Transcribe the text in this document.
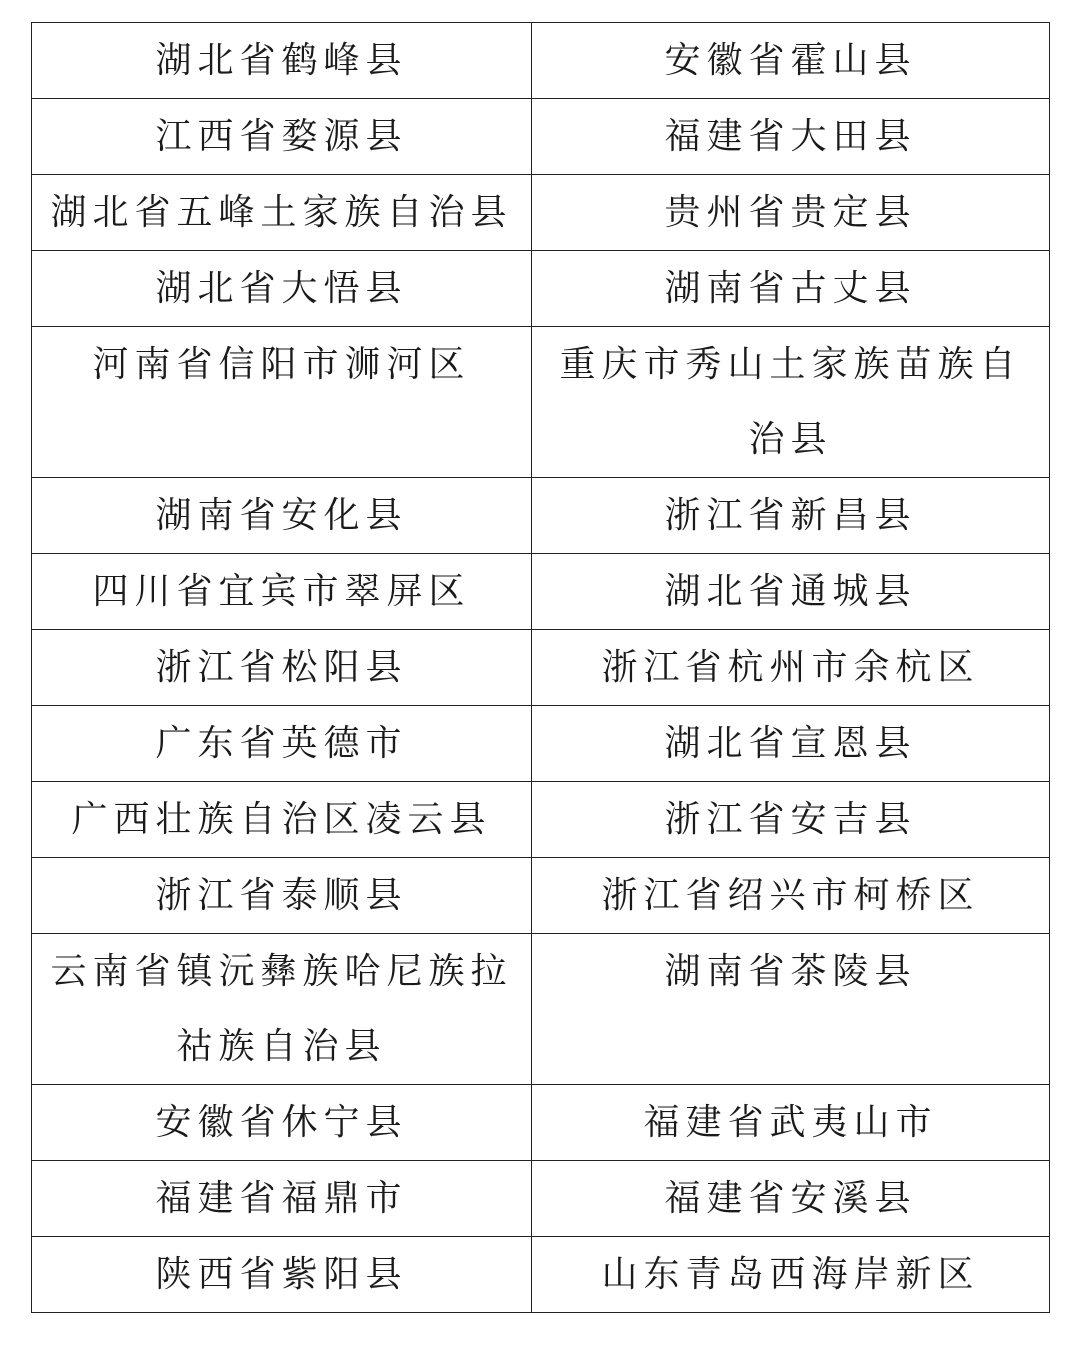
湖北省鹤峰县	安徽省霍山县
江西省婺源县	福建省大田县
湖北省五峰土家族自治县	贵州省贵定县
湖北省大悟县	湖南省古丈县
河南省信阳市浉河区	重庆市秀山土家族苗族自治县
湖南省安化县	浙江省新昌县
四川省宜宾市翠屏区	湖北省通城县
浙江省松阳县	浙江省杭州市余杭区
广东省英德市	湖北省宣恩县
广西壮族自治区凌云县	浙江省安吉县
浙江省泰顺县	浙江省绍兴市柯桥区
云南省镇沅彝族哈尼族拉祜族自治县	湖南省茶陵县
安徽省休宁县	福建省武夷山市
福建省福鼎市	福建省安溪县
陕西省紫阳县	山东青岛西海岸新区
